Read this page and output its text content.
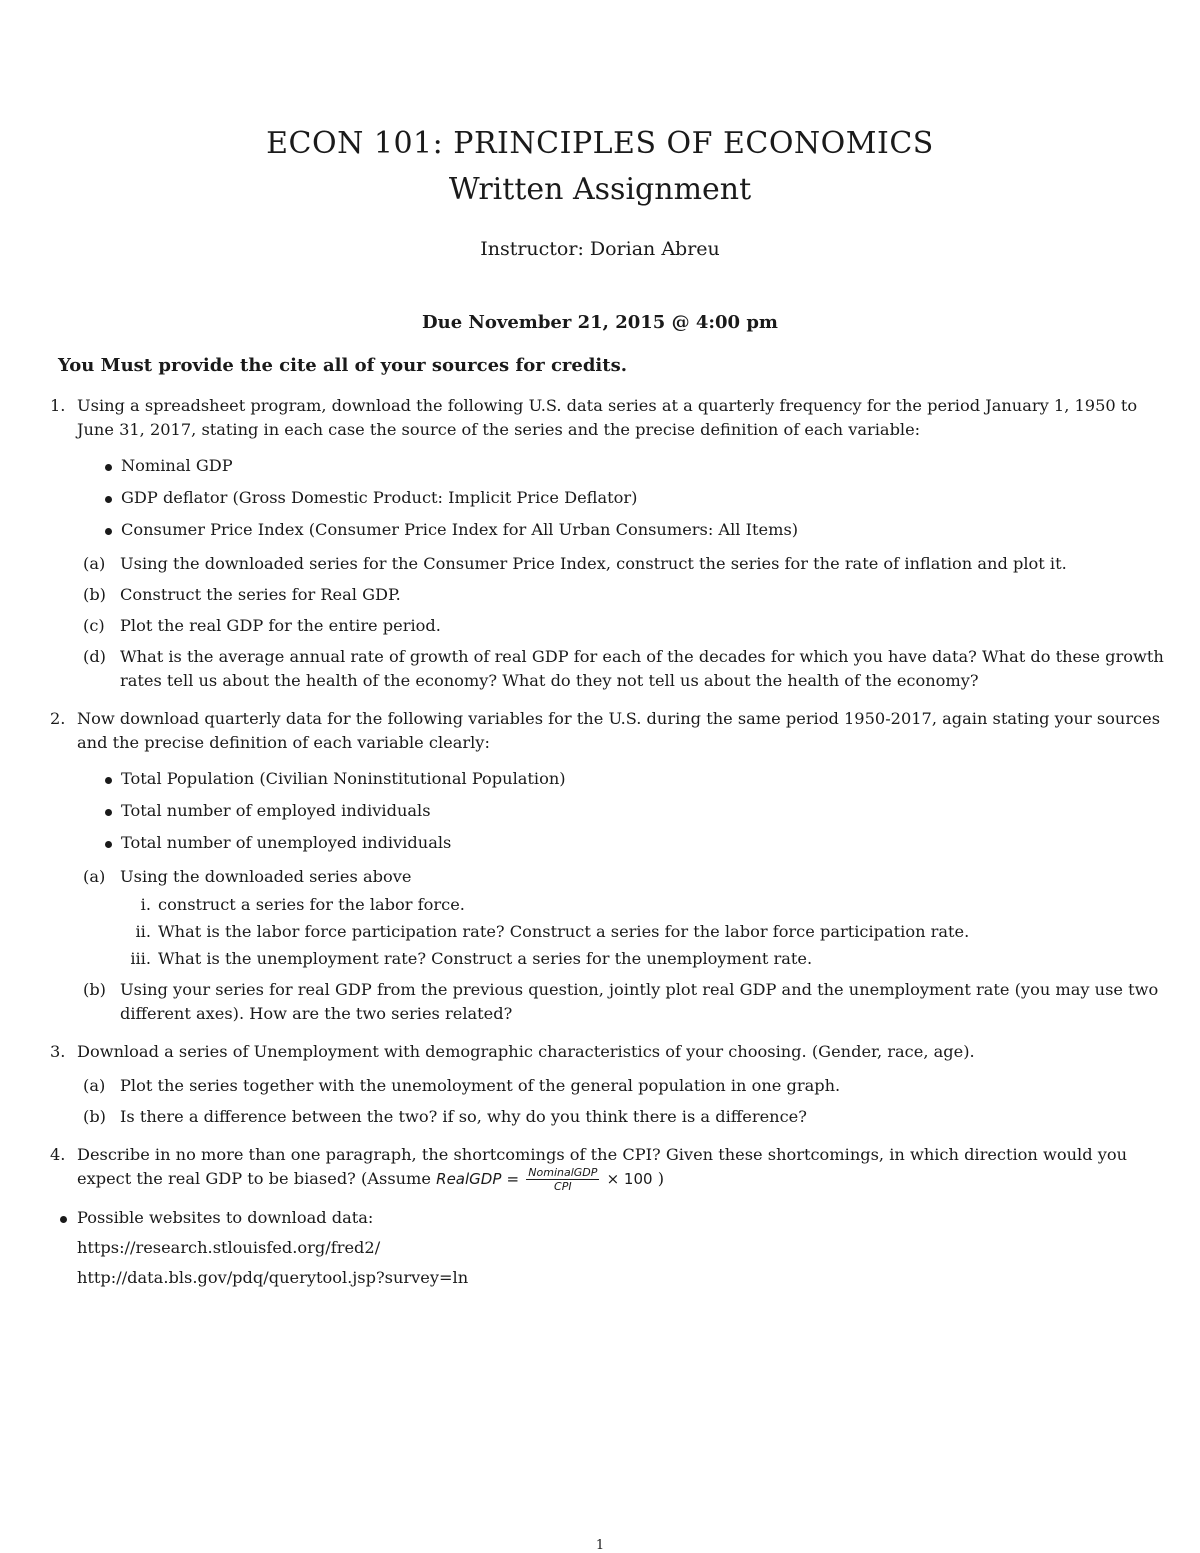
ECON 101: PRINCIPLES OF ECONOMICS
Written Assignment
Instructor: Dorian Abreu
Due November 21, 2015 @ 4:00 pm
You Must provide the cite all of your sources for credits.
1. Using a spreadsheet program, download the following U.S. data series at a quarterly frequency for the period January 1, 1950 to June 31, 2017, stating in each case the source of the series and the precise definition of each variable:
Nominal GDP
GDP deflator (Gross Domestic Product: Implicit Price Deflator)
Consumer Price Index (Consumer Price Index for All Urban Consumers: All Items)
(a) Using the downloaded series for the Consumer Price Index, construct the series for the rate of inflation and plot it.
(b) Construct the series for Real GDP.
(c) Plot the real GDP for the entire period.
(d) What is the average annual rate of growth of real GDP for each of the decades for which you have data? What do these growth rates tell us about the health of the economy? What do they not tell us about the health of the economy?
2. Now download quarterly data for the following variables for the U.S. during the same period 1950-2017, again stating your sources and the precise definition of each variable clearly:
Total Population (Civilian Noninstitutional Population)
Total number of employed individuals
Total number of unemployed individuals
(a) Using the downloaded series above
i. construct a series for the labor force.
ii. What is the labor force participation rate? Construct a series for the labor force participation rate.
iii. What is the unemployment rate? Construct a series for the unemployment rate.
(b) Using your series for real GDP from the previous question, jointly plot real GDP and the unemployment rate (you may use two different axes). How are the two series related?
3. Download a series of Unemployment with demographic characteristics of your choosing. (Gender, race, age).
(a) Plot the series together with the unemoloyment of the general population in one graph.
(b) Is there a difference between the two? if so, why do you think there is a difference?
4. Describe in no more than one paragraph, the shortcomings of the CPI? Given these shortcomings, in which direction would you expect the real GDP to be biased? (Assume RealGDP = $\frac{\text{NominalGDP}}{\text{CPI}} \times 100$ )
Possible websites to download data:
https://research.stlouisfed.org/fred2/
http://data.bls.gov/pdq/querytool.jsp?survey=ln
1
